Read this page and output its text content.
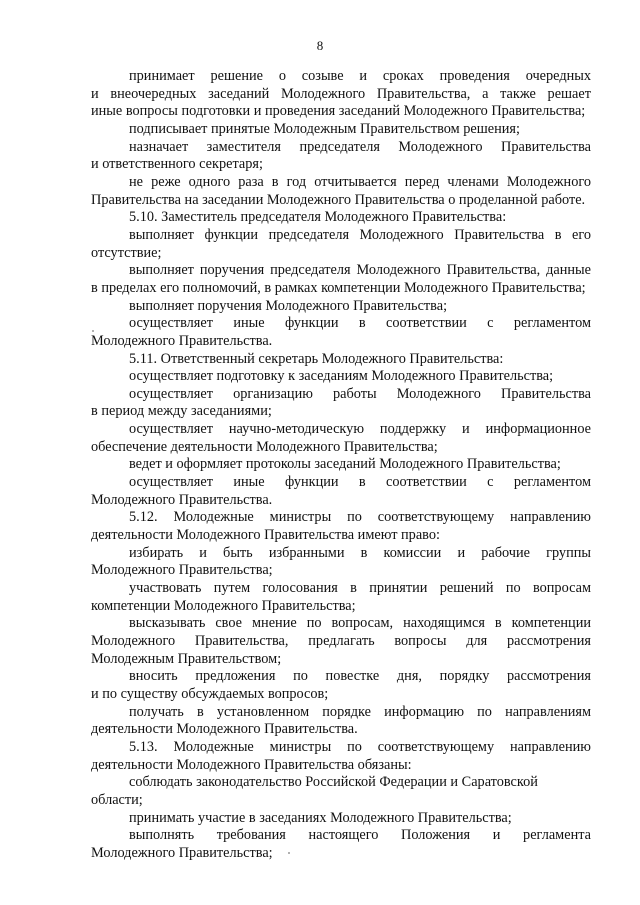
8
принимает решение о созыве и сроках проведения очередных
и внеочередных заседаний Молодежного Правительства, а также решает
иные вопросы подготовки и проведения заседаний Молодежного Правительства;
подписывает принятые Молодежным Правительством решения;
назначает заместителя председателя Молодежного Правительства
и ответственного секретаря;
не реже одного раза в год отчитывается перед членами Молодежного
Правительства на заседании Молодежного Правительства о проделанной работе.
5.10. Заместитель председателя Молодежного Правительства:
выполняет функции председателя Молодежного Правительства в его
отсутствие;
выполняет поручения председателя Молодежного Правительства, данные
в пределах его полномочий, в рамках компетенции Молодежного Правительства;
выполняет поручения Молодежного Правительства;
осуществляет иные функции в соответствии с регламентом
Молодежного Правительства.
5.11. Ответственный секретарь Молодежного Правительства:
осуществляет подготовку к заседаниям Молодежного Правительства;
осуществляет организацию работы Молодежного Правительства
в период между заседаниями;
осуществляет научно-методическую поддержку и информационное
обеспечение деятельности Молодежного Правительства;
ведет и оформляет протоколы заседаний Молодежного Правительства;
осуществляет иные функции в соответствии с регламентом
Молодежного Правительства.
5.12. Молодежные министры по соответствующему направлению
деятельности Молодежного Правительства имеют право:
избирать и быть избранными в комиссии и рабочие группы
Молодежного Правительства;
участвовать путем голосования в принятии решений по вопросам
компетенции Молодежного Правительства;
высказывать свое мнение по вопросам, находящимся в компетенции
Молодежного Правительства, предлагать вопросы для рассмотрения
Молодежным Правительством;
вносить предложения по повестке дня, порядку рассмотрения
и по существу обсуждаемых вопросов;
получать в установленном порядке информацию по направлениям
деятельности Молодежного Правительства.
5.13. Молодежные министры по соответствующему направлению
деятельности Молодежного Правительства обязаны:
соблюдать законодательство Российской Федерации и Саратовской области;
принимать участие в заседаниях Молодежного Правительства;
выполнять требования настоящего Положения и регламента
Молодежного Правительства;
